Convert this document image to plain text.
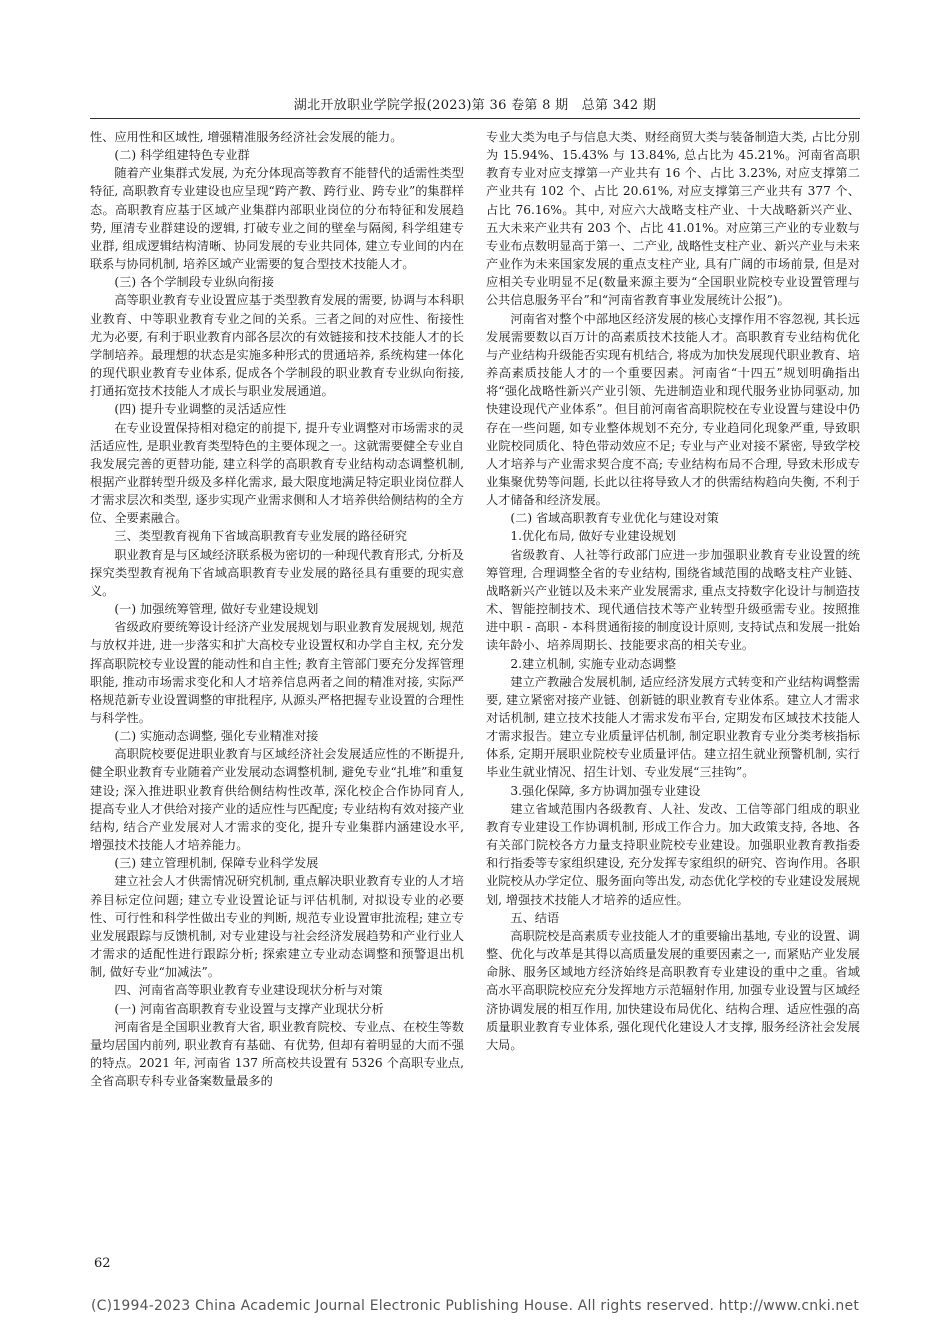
湖北开放职业学院学报(2023)第 36 卷第 8 期　总第 342 期

性、应用性和区域性, 增强精准服务经济社会发展的能力。

(二) 科学组建特色专业群

随着产业集群式发展, 为充分体现高等教育不能替代的适需性类型特征, 高职教育专业建设也应呈现“跨产教、跨行业、跨专业”的集群样态。高职教育应基于区域产业集群内部职业岗位的分布特征和发展趋势, 厘清专业群建设的逻辑, 打破专业之间的壁垒与隔阂, 科学组建专业群, 组成逻辑结构清晰、协同发展的专业共同体, 建立专业间的内在联系与协同机制, 培养区域产业需要的复合型技术技能人才。

(三) 各个学制段专业纵向衔接

高等职业教育专业设置应基于类型教育发展的需要, 协调与本科职业教育、中等职业教育专业之间的关系。三者之间的对应性、衔接性尤为必要, 有利于职业教育内部各层次的有效链接和技术技能人才的长学制培养。最理想的状态是实施多种形式的贯通培养, 系统构建一体化的现代职业教育专业体系, 促成各个学制段的职业教育专业纵向衔接, 打通拓宽技术技能人才成长与职业发展通道。

(四) 提升专业调整的灵活适应性

在专业设置保持相对稳定的前提下, 提升专业调整对市场需求的灵活适应性, 是职业教育类型特色的主要体现之一。这就需要健全专业自我发展完善的更替功能, 建立科学的高职教育专业结构动态调整机制, 根据产业群转型升级及多样化需求, 最大限度地满足特定职业岗位群人才需求层次和类型, 逐步实现产业需求侧和人才培养供给侧结构的全方位、全要素融合。

三、类型教育视角下省域高职教育专业发展的路径研究

职业教育是与区域经济联系极为密切的一种现代教育形式, 分析及探究类型教育视角下省域高职教育专业发展的路径具有重要的现实意义。

(一) 加强统筹管理, 做好专业建设规划

省级政府要统筹设计经济产业发展规划与职业教育发展规划, 规范与放权并进, 进一步落实和扩大高校专业设置权和办学自主权, 充分发挥高职院校专业设置的能动性和自主性; 教育主管部门要充分发挥管理职能, 推动市场需求变化和人才培养信息两者之间的精准对接, 实际严格规范新专业设置调整的审批程序, 从源头严格把握专业设置的合理性与科学性。

(二) 实施动态调整, 强化专业精准对接

高职院校要促进职业教育与区域经济社会发展适应性的不断提升, 健全职业教育专业随着产业发展动态调整机制, 避免专业“扎堆”和重复建设; 深入推进职业教育供给侧结构性改革, 深化校企合作协同育人, 提高专业人才供给对接产业的适应性与匹配度; 专业结构有效对接产业结构, 结合产业发展对人才需求的变化, 提升专业集群内涵建设水平, 增强技术技能人才培养能力。

(三) 建立管理机制, 保障专业科学发展

建立社会人才供需情况研究机制, 重点解决职业教育专业的人才培养目标定位问题; 建立专业设置论证与评估机制, 对拟设专业的必要性、可行性和科学性做出专业的判断, 规范专业设置审批流程; 建立专业发展跟踪与反馈机制, 对专业建设与社会经济发展趋势和产业行业人才需求的适配性进行跟踪分析; 探索建立专业动态调整和预警退出机制, 做好专业“加减法”。

四、河南省高等职业教育专业建设现状分析与对策

(一) 河南省高职教育专业设置与支撑产业现状分析

河南省是全国职业教育大省, 职业教育院校、专业点、在校生等数量均居国内前列, 职业教育有基础、有优势, 但却有着明显的大而不强的特点。2021 年, 河南省 137 所高校共设置有 5326 个高职专业点, 全省高职专科专业备案数量最多的

专业大类为电子与信息大类、财经商贸大类与装备制造大类, 占比分别为 15.94%、15.43% 与 13.84%, 总占比为 45.21%。河南省高职教育专业对应支撑第一产业共有 16 个、占比 3.23%, 对应支撑第二产业共有 102 个、占比 20.61%, 对应支撑第三产业共有 377 个、占比 76.16%。其中, 对应六大战略支柱产业、十大战略新兴产业、五大未来产业共有 203 个、占比 41.01%。对应第三产业的专业数与专业布点数明显高于第一、二产业, 战略性支柱产业、新兴产业与未来产业作为未来国家发展的重点支柱产业, 具有广阔的市场前景, 但是对应相关专业明显不足(数量来源主要为“全国职业院校专业设置管理与公共信息服务平台”和“河南省教育事业发展统计公报”)。

河南省对整个中部地区经济发展的核心支撑作用不容忽视, 其长远发展需要数以百万计的高素质技术技能人才。高职教育专业结构优化与产业结构升级能否实现有机结合, 将成为加快发展现代职业教育、培养高素质技能人才的一个重要因素。河南省“十四五”规划明确指出将“强化战略性新兴产业引领、先进制造业和现代服务业协同驱动, 加快建设现代产业体系”。但目前河南省高职院校在专业设置与建设中仍存在一些问题, 如专业整体规划不充分, 专业趋同化现象严重, 导致职业院校同质化、特色带动效应不足; 专业与产业对接不紧密, 导致学校人才培养与产业需求契合度不高; 专业结构布局不合理, 导致未形成专业集聚优势等问题, 长此以往将导致人才的供需结构趋向失衡, 不利于人才储备和经济发展。

(二) 省域高职教育专业优化与建设对策

1.优化布局, 做好专业建设规划

省级教育、人社等行政部门应进一步加强职业教育专业设置的统筹管理, 合理调整全省的专业结构, 围绕省域范围的战略支柱产业链、战略新兴产业链以及未来产业发展需求, 重点支持数字化设计与制造技术、智能控制技术、现代通信技术等产业转型升级亟需专业。按照推进中职 - 高职 - 本科贯通衔接的制度设计原则, 支持试点和发展一批始读年龄小、培养周期长、技能要求高的相关专业。

2.建立机制, 实施专业动态调整

建立产教融合发展机制, 适应经济发展方式转变和产业结构调整需要, 建立紧密对接产业链、创新链的职业教育专业体系。建立人才需求对话机制, 建立技术技能人才需求发布平台, 定期发布区域技术技能人才需求报告。建立专业质量评估机制, 制定职业教育专业分类考核指标体系, 定期开展职业院校专业质量评估。建立招生就业预警机制, 实行毕业生就业情况、招生计划、专业发展“三挂钩”。

3.强化保障, 多方协调加强专业建设

建立省域范围内各级教育、人社、发改、工信等部门组成的职业教育专业建设工作协调机制, 形成工作合力。加大政策支持, 各地、各有关部门院校各方力量支持职业院校专业建设。加强职业教育教指委和行指委等专家组织建设, 充分发挥专家组织的研究、咨询作用。各职业院校从办学定位、服务面向等出发, 动态优化学校的专业建设发展规划, 增强技术技能人才培养的适应性。

五、结语

高职院校是高素质专业技能人才的重要输出基地, 专业的设置、调整、优化与改革是其得以高质量发展的重要因素之一, 而紧贴产业发展命脉、服务区域地方经济始终是高职教育专业建设的重中之重。省域高水平高职院校应充分发挥地方示范辐射作用, 加强专业设置与区域经济协调发展的相互作用, 加快建设布局优化、结构合理、适应性强的高质量职业教育专业体系, 强化现代化建设人才支撑, 服务经济社会发展大局。

62
(C)1994-2023 China Academic Journal Electronic Publishing House. All rights reserved. http://www.cnki.net
